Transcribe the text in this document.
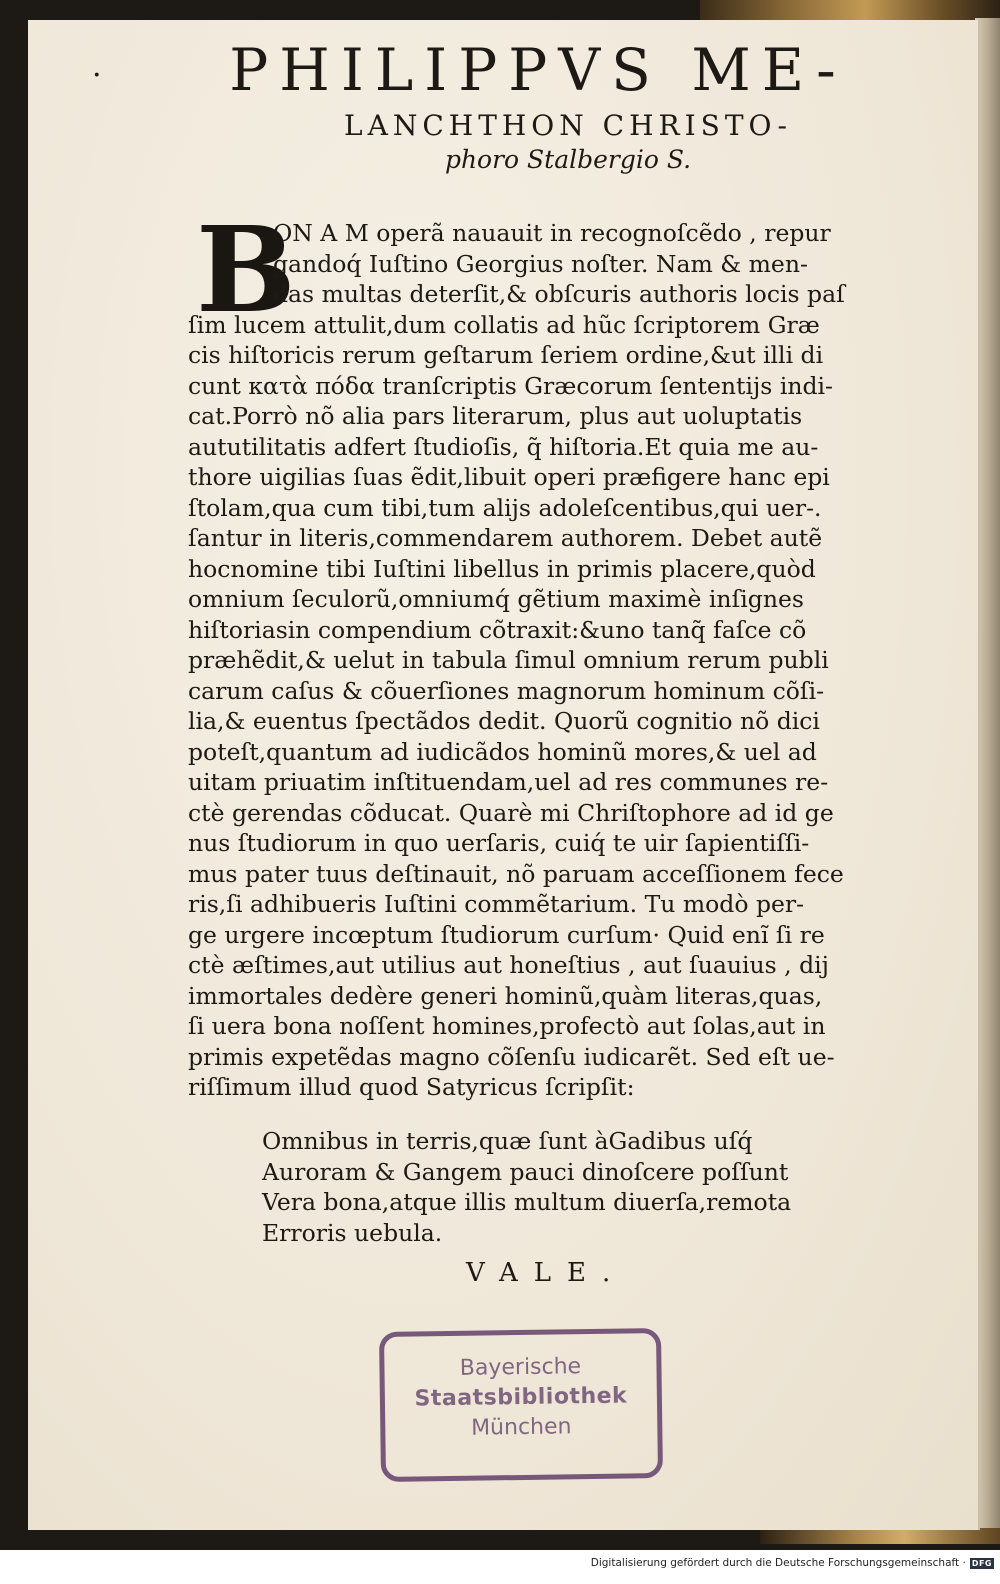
·	PHILIPPVS ME-
LANCHTHON CHRISTO-
phoro Stalbergio S.
B
ON A M operã nauauit in recognoſcẽdo , repur
gandoq́ Iuſtino Georgius noſter. Nam & men-
das multas deterſit,& obſcuris authoris locis paſ
ſim lucem attulit,dum collatis ad hũc ſcriptorem Græ
cis hiſtoricis rerum geſtarum ſeriem ordine,&ut illi di
cunt κατὰ πόδα tranſcriptis Græcorum ſententijs indi-
cat.Porrò nõ alia pars literarum, plus aut uoluptatis
aututilitatis adfert ſtudioſis, q̃ hiſtoria.Et quia me au-
thore uigilias ſuas ẽdit,libuit operi præfigere hanc epi
ſtolam,qua cum tibi,tum alijs adoleſcentibus,qui uer-.
ſantur in literis,commendarem authorem. Debet autẽ
hocnomine tibi Iuſtini libellus in primis placere,quòd
omnium ſeculorũ,omniumq́ gẽtium maximè inſignes
hiſtoriasin compendium cõtraxit:&uno tanq̃ faſce cõ
præhẽdit,& uelut in tabula ſimul omnium rerum publi
carum caſus & cõuerſiones magnorum hominum cõſi-
lia,& euentus ſpectãdos dedit. Quorũ cognitio nõ dici
poteſt,quantum ad iudicãdos hominũ mores,& uel ad
uitam priuatim inſtituendam,uel ad res communes re-
ctè gerendas cõducat. Quarè mi Chriſtophore ad id ge
nus ſtudiorum in quo uerſaris, cuiq́ te uir ſapientiſſi-
mus pater tuus deſtinauit, nõ paruam acceſſionem fece
ris,ſi adhibueris Iuſtini commẽtarium. Tu modò per-
ge urgere incœptum ſtudiorum curſum· Quid enĩ ſi re
ctè æſtimes,aut utilius aut honeſtius , aut ſuauius , dij
immortales dedère generi hominũ,quàm literas,quas,
ſi uera bona noſſent homines,profectò aut ſolas,aut in
primis expetẽdas magno cõſenſu iudicarẽt. Sed eſt ue-
riſſimum illud quod Satyricus ſcripſit:
Omnibus in terris,quæ ſunt àGadibus uſq́
Auroram & Gangem pauci dinoſcere poſſunt
Vera bona,atque illis multum diuerſa,remota
Erroris uebula.
VALE.
Bayerische
Staatsbibliothek
München
Digitalisierung gefördert durch die Deutsche Forschungsgemeinschaft · DFG
